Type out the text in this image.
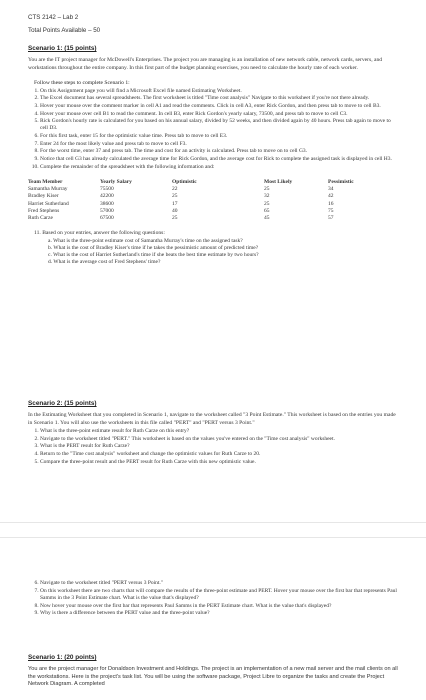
CTS 2142 – Lab 2
Total Points Available – 50
Scenario 1: (15 points)
You are the IT project manager for McDowell's Enterprises. The project you are managing is an installation of new network cable, network cards, servers, and workstations throughout the entire company. In this first part of the budget planning exercises, you need to calculate the hourly rate of each worker.
Follow these steps to complete Scenario 1:
1. On this Assignment page you will find a Microsoft Excel file named Estimating Worksheet.
2. The Excel document has several spreadsheets. The first worksheet is titled "Time cost analysis" Navigate to this worksheet if you're not there already.
3. Hover your mouse over the comment marker in cell A1 and read the comments. Click in cell A3, enter Rick Gordon, and then press tab to move to cell B3.
4. Hover your mouse over cell B1 to read the comment. In cell B3, enter Rick Gordon's yearly salary, 73500, and press tab to move to cell C3.
5. Rick Gordon's hourly rate is calculated for you based on his annual salary, divided by 52 weeks, and then divided again by 40 hours. Press tab again to move to cell D3.
6. For this first task, enter 15 for the optimistic value time. Press tab to move to cell E3.
7. Enter 24 for the most likely value and press tab to move to cell F3.
8. For the worst time, enter 37 and press tab. The time and cost for an activity is calculated. Press tab to move on to cell G3.
9. Notice that cell G3 has already calculated the average time for Rick Gordon, and the average cost for Rick to complete the assigned task is displayed in cell H3.
10. Complete the remainder of the spreadsheet with the following information and:
Team Member	Yearly Salary	Optimistic	Most Likely	Pessimistic
Samantha Murray	75500	22	25	34
Bradley Kiser	42200	25	32	42
Harriet Sutherland	38600	17	25	16
Fred Stephens	57000	40	65	75
Ruth Carze	67500	25	45	57
11. Based on your entries, answer the following questions:
a. What is the three-point estimate cost of Samantha Murray's time on the assigned task?
b. What is the cost of Bradley Kiser's time if he takes the pessimistic amount of predicted time?
c. What is the cost of Harriet Sutherland's time if she beats the best time estimate by two hours?
d. What is the average cost of Fred Stephens' time?
Scenario 2: (15 points)
In the Estimating Worksheet that you completed in Scenario 1, navigate to the worksheet called "3 Point Estimate." This worksheet is based on the entries you made in Scenario 1. You will also use the worksheets in this file called "PERT" and "PERT versus 3 Point."
1. What is the three-point estimate result for Ruth Carze on this entry?
2. Navigate to the worksheet titled "PERT." This worksheet is based on the values you've entered on the "Time cost analysis" worksheet.
3. What is the PERT result for Ruth Carze?
4. Return to the "Time cost analysis" worksheet and change the optimistic values for Ruth Carze to 20.
5. Compare the three-point result and the PERT result for Ruth Carze with this new optimistic value.
6. Navigate to the worksheet titled "PERT versus 3 Point."
7. On this worksheet there are two charts that will compare the results of the three-point estimate and PERT. Hover your mouse over the first bar that represents Paul Samms in the 3 Point Estimate chart. What is the value that's displayed?
8. Now hover your mouse over the first bar that represents Paul Samms in the PERT Estimate chart. What is the value that's displayed?
9. Why is there a difference between the PERT value and the three-point value?
Scenario 1: (20 points)
You are the project manager for Donaldson Investment and Holdings. The project is an implementation of a new mail server and the mail clients on all the workstations. Here is the project's task list. You will be using the software package, Project Libre to organize the tasks and create the Project Network Diagram. A completed
